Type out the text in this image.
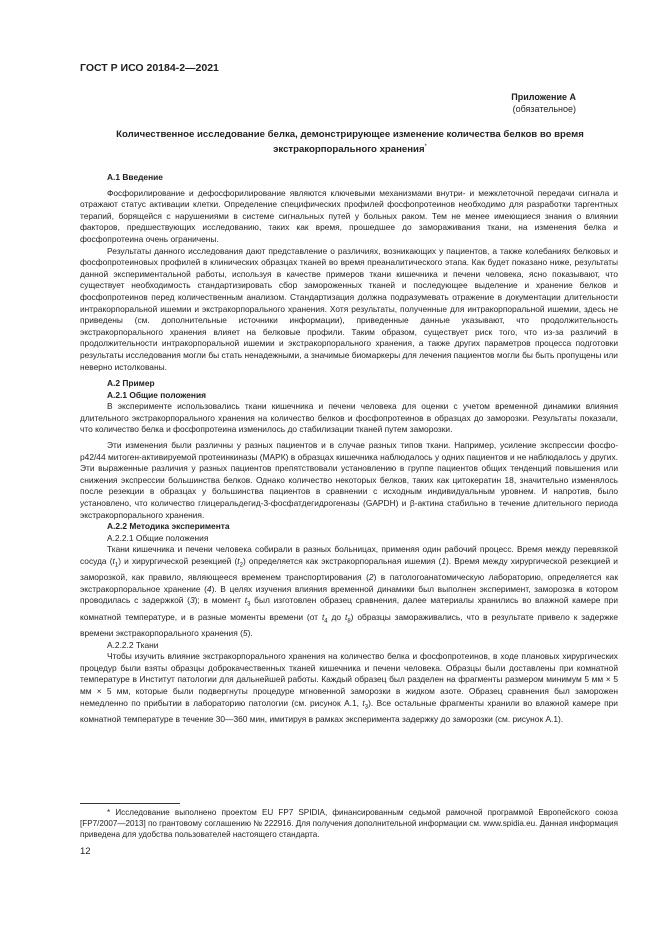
ГОСТ Р ИСО 20184-2—2021
Приложение А
(обязательное)
Количественное исследование белка, демонстрирующее изменение количества белков во время экстракорпорального хранения*
А.1 Введение

Фосфорилирование и дефосфорилирование являются ключевыми механизмами внутри- и межклеточной передачи сигнала и отражают статус активации клетки. Определение специфических профилей фосфопротеинов необходимо для разработки таргентных терапий, борящейся с нарушениями в системе сигнальных путей у больных раком. Тем не менее имеющиеся знания о влиянии факторов, предшествующих исследованию, таких как время, прошедшее до замораживания ткани, на изменения белка и фосфопротеина очень ограничены.

Результаты данного исследования дают представление о различиях, возникающих у пациентов, а также колебаниях белковых и фосфопротеиновых профилей в клинических образцах тканей во время преаналитического этапа. Как будет показано ниже, результаты данной экспериментальной работы, используя в качестве примеров ткани кишечника и печени человека, ясно показывают, что существует необходимость стандартизировать сбор замороженных тканей и последующее выделение и хранение белков и фосфопротеинов перед количественным анализом. Стандартизация должна подразумевать отражение в документации длительности интракорпоральной ишемии и экстракорпорального хранения. Хотя результаты, полученные для интракорпоральной ишемии, здесь не приведены (см. дополнительные источники информации), приведенные данные указывают, что продолжительность экстракорпорального хранения влияет на белковые профили. Таким образом, существует риск того, что из-за различий в продолжительности интракорпоральной ишемии и экстракорпорального хранения, а также других параметров процесса подготовки результаты исследования могли бы стать ненадежными, а значимые биомаркеры для лечения пациентов могли бы быть пропущены или неверно истолкованы.

А.2 Пример
А.2.1 Общие положения

В эксперименте использовались ткани кишечника и печени человека для оценки с учетом временной динамики влияния длительного экстракорпорального хранения на количество белков и фосфопротеинов в образцах до заморозки. Результаты показали, что количество белка и фосфопротеина изменилось до стабилизации тканей путем заморозки.

Эти изменения были различны у разных пациентов и в случае разных типов ткани. Например, усиление экспрессии фосфо-р42/44 митоген-активируемой протеинкиназы (МАРК) в образцах кишечника наблюдалось у одних пациентов и не наблюдалось у других. Эти выраженные различия у разных пациентов препятствовали установлению в группе пациентов общих тенденций повышения или снижения экспрессии большинства белков. Однако количество некоторых белков, таких как цитокератин 18, значительно изменялось после резекции в образцах у большинства пациентов в сравнении с исходным индивидуальным уровнем. И напротив, было установлено, что количество глицеральдегид-3-фосфатдегидрогеназы (GAPDH) и β-актина стабильно в течение длительного периода экстракорпорального хранения.

А.2.2 Методика эксперимента
А.2.2.1 Общие положения

Ткани кишечника и печени человека собирали в разных больницах, применяя один рабочий процесс. Время между перевязкой сосуда $(t_1)$ и хирургической резекцией $(t_2)$ определяется как экстракорпоральная ишемия (1). Время между хирургической резекцией и заморозкой, как правило, являющееся временем транспортирования (2) в патологоанатомическую лабораторию, определяется как экстракорпоральное хранение (4). В целях изучения влияния временной динамики был выполнен эксперимент, заморозка в котором проводилась с задержкой (3); в момент $t_3$ был изготовлен образец сравнения, далее материалы хранились во влажной камере при комнатной температуре, и в разные моменты времени (от $t_4$ до $t_8$) образцы замораживались, что в результате привело к задержке времени экстракорпорального хранения (5).

А.2.2.2 Ткани

Чтобы изучить влияние экстракорпорального хранения на количество белка и фосфопротеинов, в ходе плановых хирургических процедур были взяты образцы доброкачественных тканей кишечника и печени человека. Образцы были доставлены при комнатной температуре в Институт патологии для дальнейшей работы. Каждый образец был разделен на фрагменты размером минимум 5 мм × 5 мм × 5 мм, которые были подвергнуты процедуре мгновенной заморозки в жидком азоте. Образец сравнения был заморожен немедленно по прибытии в лабораторию патологии (см. рисунок А.1, $t_3$). Все остальные фрагменты хранили во влажной камере при комнатной температуре в течение 30—360 мин, имитируя в рамках эксперимента задержку до заморозки (см. рисунок А.1).

* Исследование выполнено проектом EU FP7 SPIDIA, финансированным седьмой рамочной программой Европейского союза [FP7/2007—2013] по грантовому соглашению № 222916. Для получения дополнительной информации см. www.spidia.eu. Данная информация приведена для удобства пользователей настоящего стандарта.

12
